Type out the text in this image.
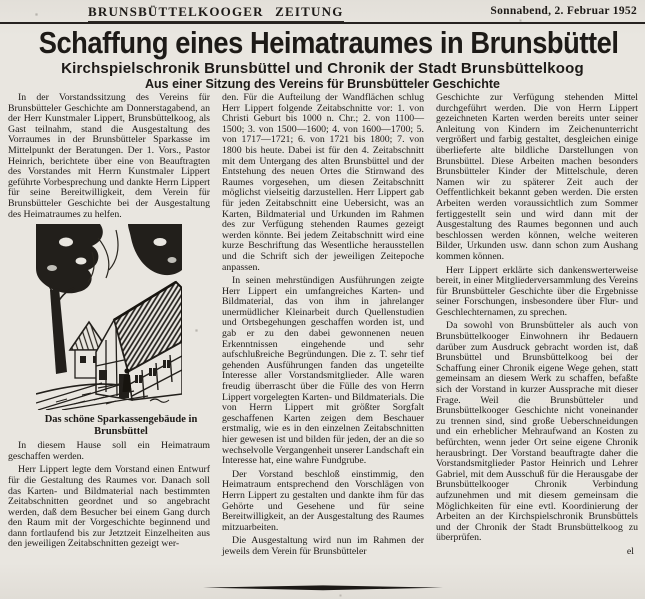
BRUNSBÜTTELKOOGER ZEITUNG	Sonnabend, 2. Februar 1952
Schaffung eines Heimatraumes in Brunsbüttel
Kirchspielschronik Brunsbüttel und Chronik der Stadt Brunsbüttelkoog
Aus einer Sitzung des Vereins für Brunsbütteler Geschichte

In der Vorstandssitzung des Vereins für Brunsbütteler Geschichte am Donnerstagabend, an der Herr Kunstmaler Lippert, Brunsbüttelkoog, als Gast teilnahm, stand die Ausgestaltung des Vorraumes in der Brunsbütteler Sparkasse im Mittelpunkt der Beratungen. Der 1. Vors., Pastor Heinrich, berichtete über eine von Beauftragten des Vorstandes mit Herrn Kunstmaler Lippert geführte Vorbesprechung und dankte Herrn Lippert für seine Bereitwilligkeit, dem Verein für Brunsbütteler Geschichte bei der Ausgestaltung des Heimatraumes zu helfen.

Das schöne Sparkassengebäude in Brunsbüttel

In diesem Hause soll ein Heimatraum geschaffen werden.

Herr Lippert legte dem Vorstand einen Entwurf für die Gestaltung des Raumes vor. Danach soll das Karten- und Bildmaterial nach bestimmten Zeitabschnitten geordnet und so angebracht werden, daß dem Besucher bei einem Gang durch den Raum mit der Vorgeschichte beginnend und dann fortlaufend bis zur Jetztzeit Einzelheiten aus den jeweiligen Zeitabschnitten gezeigt wer-

den. Für die Aufteilung der Wandflächen schlug Herr Lippert folgende Zeitabschnitte vor: 1. von Christi Geburt bis 1000 n. Chr.; 2. von 1100—1500; 3. von 1500—1600; 4. von 1600—1700; 5. von 1717—1721; 6. von 1721 bis 1800; 7. von 1800 bis heute. Dabei ist für den 4. Zeitabschnitt mit dem Untergang des alten Brunsbüttel und der Entstehung des neuen Ortes die Stirnwand des Raumes vorgesehen, um diesen Zeitabschnitt möglichst vielseitig darzustellen. Herr Lippert gab für jeden Zeitabschnitt eine Uebersicht, was an Karten, Bildmaterial und Urkunden im Rahmen des zur Verfügung stehenden Raumes gezeigt werden könnte. Bei jedem Zeitabschnitt wird eine kurze Beschriftung das Wesentliche herausstellen und die Schrift sich der jeweiligen Zeitepoche anpassen.

In seinen mehrstündigen Ausführungen zeigte Herr Lippert ein umfangreiches Karten- und Bildmaterial, das von ihm in jahrelanger unermüdlicher Kleinarbeit durch Quellenstudien und Ortsbegehungen geschaffen worden ist, und gab er zu den dabei gewonnenen neuen Erkenntnissen eingehende und sehr aufschlußreiche Begründungen. Die z. T. sehr tief gehenden Ausführungen fanden das ungeteilte Interesse aller Vorstandsmitglieder. Alle waren freudig überrascht über die Fülle des von Herrn Lippert vorgelegten Karten- und Bildmaterials. Die von Herrn Lippert mit größter Sorgfalt geschaffenen Karten zeigen dem Beschauer erstmalig, wie es in den einzelnen Zeitabschnitten hier gewesen ist und bilden für jeden, der an die so wechselvolle Vergangenheit unserer Landschaft ein Interesse hat, eine wahre Fundgrube.

Der Vorstand beschloß einstimmig, den Heimatraum entsprechend den Vorschlägen von Herrn Lippert zu gestalten und dankte ihm für das Gehörte und Gesehene und für seine Bereitwilligkeit, an der Ausgestaltung des Raumes mitzuarbeiten.

Die Ausgestaltung wird nun im Rahmen der jeweils dem Verein für Brunsbütteler

Geschichte zur Verfügung stehenden Mittel durchgeführt werden. Die von Herrn Lippert gezeichneten Karten werden bereits unter seiner Anleitung von Kindern im Zeichenunterricht vergrößert und farbig gestaltet, desgleichen einige überlieferte alte bildliche Darstellungen von Brunsbüttel. Diese Arbeiten machen besonders Brunsbütteler Kinder der Mittelschule, deren Namen wir zu späterer Zeit auch der Oeffentlichkeit bekannt geben werden. Die ersten Arbeiten werden voraussichtlich zum Sommer fertiggestellt sein und wird dann mit der Ausgestaltung des Raumes begonnen und auch beschlossen werden können, welche weiteren Bilder, Urkunden usw. dann schon zum Aushang kommen können.

Herr Lippert erklärte sich dankenswerterweise bereit, in einer Mitgliederversammlung des Vereins für Brunsbütteler Geschichte über die Ergebnisse seiner Forschungen, insbesondere über Flur- und Geschlechternamen, zu sprechen.

Da sowohl von Brunsbütteler als auch von Brunsbüttelkooger Einwohnern ihr Bedauern darüber zum Ausdruck gebracht worden ist, daß Brunsbüttel und Brunsbüttelkoog bei der Schaffung einer Chronik eigene Wege gehen, statt gemeinsam an diesem Werk zu schaffen, befaßte sich der Vorstand in kurzer Aussprache mit dieser Frage. Weil die Brunsbütteler und Brunsbüttelkooger Geschichte nicht voneinander zu trennen sind, sind große Ueberschneidungen und ein erheblicher Mehraufwand an Kosten zu befürchten, wenn jeder Ort seine eigene Chronik herausbringt. Der Vorstand beauftragte daher die Vorstandsmitglieder Pastor Heinrich und Lehrer Gabriel, mit dem Ausschuß für die Herausgabe der Brunsbüttelkooger Chronik Verbindung aufzunehmen und mit diesem gemeinsam die Möglichkeiten für eine evtl. Koordinierung der Arbeiten an der Kirchspielschronik Brunsbüttels und der Chronik der Stadt Brunsbüttelkoog zu überprüfen.

el
